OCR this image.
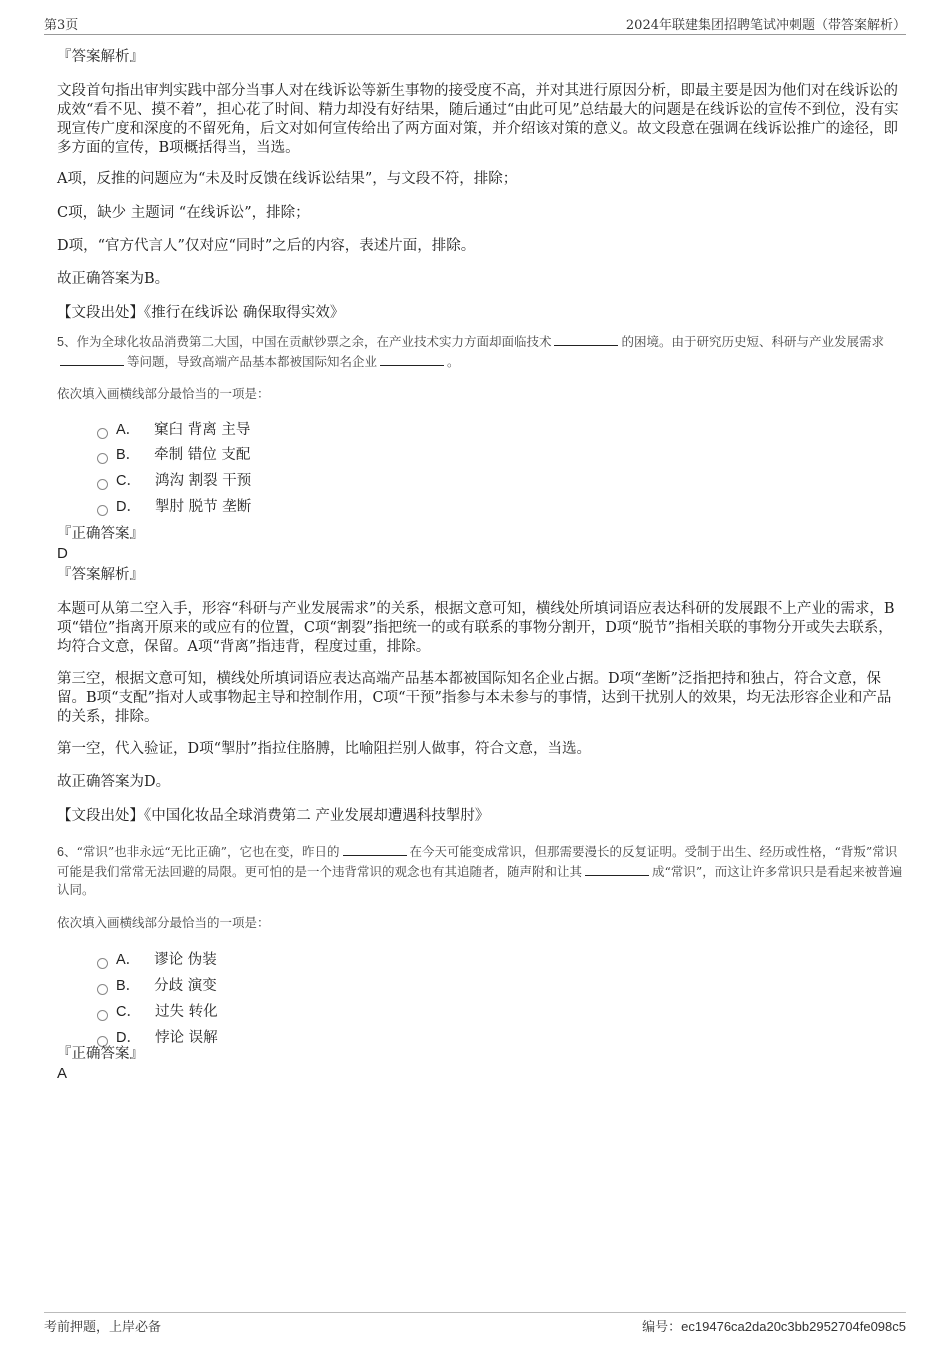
第3页	2024年联建集团招聘笔试冲刺题（带答案解析）

『答案解析』

文段首句指出审判实践中部分当事人对在线诉讼等新生事物的接受度不高，并对其进行原因分析，即最主要是因为他们对在线诉讼的成效“看不见、摸不着”，担心花了时间、精力却没有好结果，随后通过“由此可见”总结最大的问题是在线诉讼的宣传不到位，没有实现宣传广度和深度的不留死角，后文对如何宣传给出了两方面对策，并介绍该对策的意义。故文段意在强调在线诉讼推广的途径，即多方面的宣传，B项概括得当，当选。

A项，反推的问题应为“未及时反馈在线诉讼结果”，与文段不符，排除；

C项，缺少 主题词 “在线诉讼”，排除；

D项，“官方代言人”仅对应“同时”之后的内容，表述片面，排除。

故正确答案为B。

【文段出处】《推行在线诉讼 确保取得实效》

5、作为全球化妆品消费第二大国，中国在贡献钞票之余，在产业技术实力方面却面临技术	的困境。由于研究历史短、科研与产业发展需求等问题，导致高端产品基本都被国际知名企业	。
依次填入画横线部分最恰当的一项是：
A． 窠臼 背离 主导
B． 牵制 错位 支配
C． 鸿沟 割裂 干预
D． 掣肘 脱节 垄断

『正确答案』

D

『答案解析』

本题可从第二空入手，形容“科研与产业发展需求”的关系，根据文意可知，横线处所填词语应表达科研的发展跟不上产业的需求，B项“错位”指离开原来的或应有的位置，C项“割裂”指把统一的或有联系的事物分割开，D项“脱节”指相关联的事物分开或失去联系，均符合文意，保留。A项“背离”指违背，程度过重，排除。

第三空，根据文意可知，横线处所填词语应表达高端产品基本都被国际知名企业占据。D项“垄断”泛指把持和独占，符合文意，保留。B项“支配”指对人或事物起主导和控制作用，C项“干预”指参与本未参与的事情，达到干扰别人的效果，均无法形容企业和产品的关系，排除。

第一空，代入验证，D项“掣肘”指拉住胳膊，比喻阻拦别人做事，符合文意，当选。

故正确答案为D。

【文段出处】《中国化妆品全球消费第二 产业发展却遭遇科技掣肘》

6、“常识”也非永远“无比正确”，它也在变，昨日的	在今天可能变成常识，但那需要漫长的反复证明。受制于出生、经历或性格，“背叛”常识可能是我们常常无法回避的局限。更可怕的是一个违背常识的观念也有其追随者，随声附和让其	成“常识”，而这让许多常识只是看起来被普遍认同。
依次填入画横线部分最恰当的一项是：
A． 谬论 伪装
B． 分歧 演变
C． 过失 转化
D． 悖论 误解

『正确答案』

A
考前押题，上岸必备	编号：ec19476ca2da20c3bb2952704fe098c5
